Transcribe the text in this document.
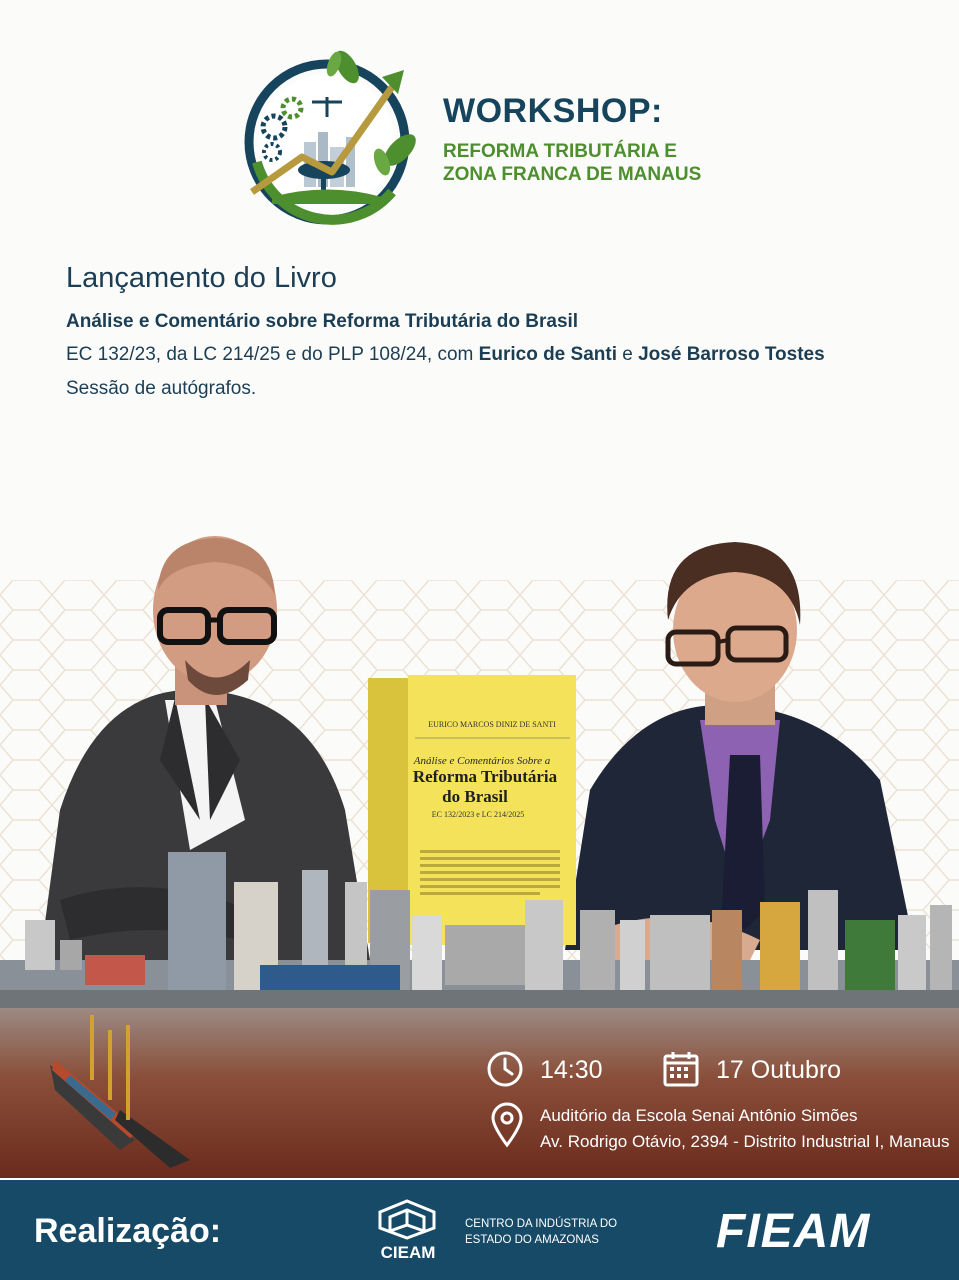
WORKSHOP:
REFORMA TRIBUTÁRIA E
ZONA FRANCA DE MANAUS
Lançamento do Livro
Análise e Comentário sobre Reforma Tributária do Brasil
EC 132/23, da LC 214/25 e do PLP 108/24, com Eurico de Santi e José Barroso Tostes
Sessão de autógrafos.
EURICO MARCOS DINIZ DE SANTI
Análise e Comentários Sobre a
Reforma Tributária
do Brasil
EC 132/2023 e LC 214/2025
14:30	17 Outubro
Auditório da Escola Senai Antônio Simões
Av. Rodrigo Otávio, 2394 - Distrito Industrial I, Manaus
Realização:
CIEAM
CENTRO DA INDÚSTRIA DO
ESTADO DO AMAZONAS	FIEAM
